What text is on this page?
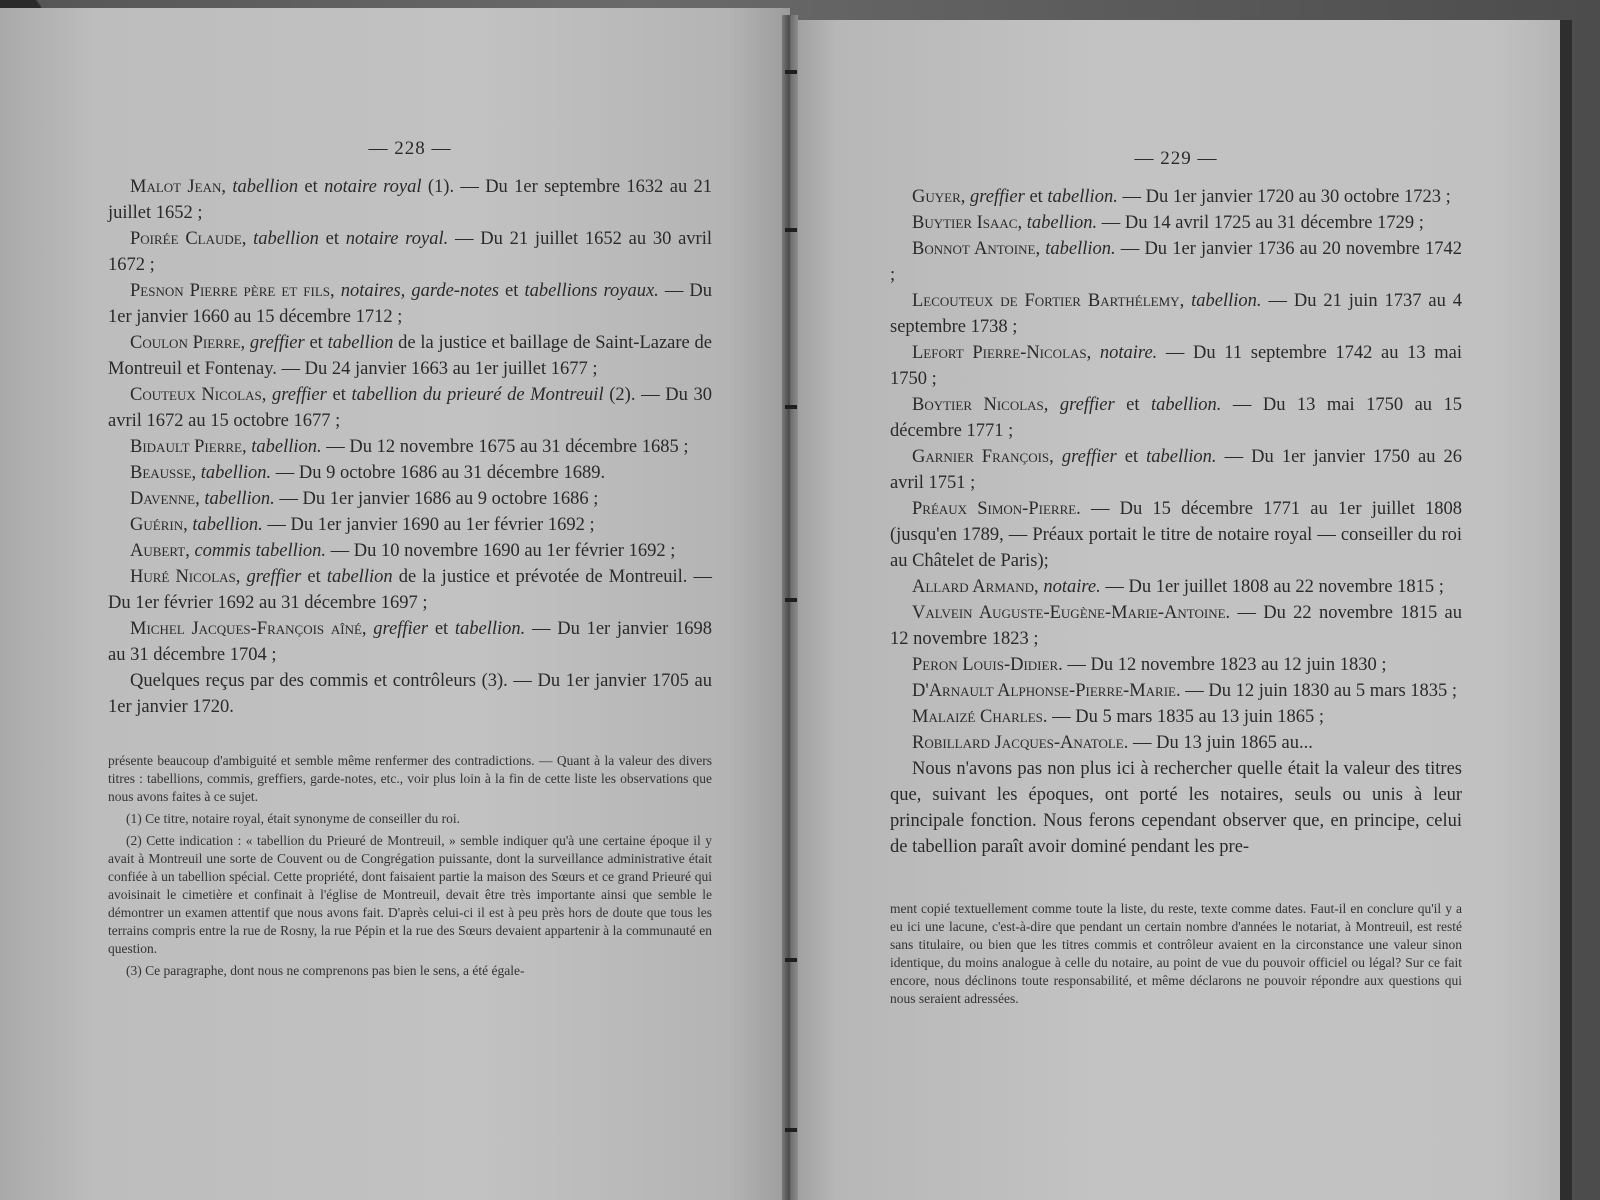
— 228 —

Malot Jean, tabellion et notaire royal (1). — Du 1er septembre 1632 au 21 juillet 1652 ;

Poirée Claude, tabellion et notaire royal. — Du 21 juillet 1652 au 30 avril 1672 ;

Pesnon Pierre père et fils, notaires, garde-notes et tabellions royaux. — Du 1er janvier 1660 au 15 décembre 1712 ;

Coulon Pierre, greffier et tabellion de la justice et baillage de Saint-Lazare de Montreuil et Fontenay. — Du 24 janvier 1663 au 1er juillet 1677 ;

Couteux Nicolas, greffier et tabellion du prieuré de Montreuil (2). — Du 30 avril 1672 au 15 octobre 1677 ;

Bidault Pierre, tabellion. — Du 12 novembre 1675 au 31 décembre 1685 ;

Beausse, tabellion. — Du 9 octobre 1686 au 31 décembre 1689.

Davenne, tabellion. — Du 1er janvier 1686 au 9 octobre 1686 ;

Guérin, tabellion. — Du 1er janvier 1690 au 1er février 1692 ;

Aubert, commis tabellion. — Du 10 novembre 1690 au 1er février 1692 ;

Huré Nicolas, greffier et tabellion de la justice et prévotée de Montreuil. — Du 1er février 1692 au 31 décembre 1697 ;

Michel Jacques-François aîné, greffier et tabellion. — Du 1er janvier 1698 au 31 décembre 1704 ;

Quelques reçus par des commis et contrôleurs (3). — Du 1er janvier 1705 au 1er janvier 1720.

présente beaucoup d'ambiguité et semble même renfermer des contradictions. — Quant à la valeur des divers titres : tabellions, commis, greffiers, garde-notes, etc., voir plus loin à la fin de cette liste les observations que nous avons faites à ce sujet.

(1) Ce titre, notaire royal, était synonyme de conseiller du roi.

(2) Cette indication : « tabellion du Prieuré de Montreuil, » semble indiquer qu'à une certaine époque il y avait à Montreuil une sorte de Couvent ou de Congrégation puissante, dont la surveillance administrative était confiée à un tabellion spécial. Cette propriété, dont faisaient partie la maison des Sœurs et ce grand Prieuré qui avoisinait le cimetière et confinait à l'église de Montreuil, devait être très importante ainsi que semble le démontrer un examen attentif que nous avons fait. D'après celui-ci il est à peu près hors de doute que tous les terrains compris entre la rue de Rosny, la rue Pépin et la rue des Sœurs devaient appartenir à la communauté en question.

(3) Ce paragraphe, dont nous ne comprenons pas bien le sens, a été égale-

— 229 —

Guyer, greffier et tabellion. — Du 1er janvier 1720 au 30 octobre 1723 ;

Buytier Isaac, tabellion. — Du 14 avril 1725 au 31 décembre 1729 ;

Bonnot Antoine, tabellion. — Du 1er janvier 1736 au 20 novembre 1742 ;

Lecouteux de Fortier Barthélemy, tabellion. — Du 21 juin 1737 au 4 septembre 1738 ;

Lefort Pierre-Nicolas, notaire. — Du 11 septembre 1742 au 13 mai 1750 ;

Boytier Nicolas, greffier et tabellion. — Du 13 mai 1750 au 15 décembre 1771 ;

Garnier François, greffier et tabellion. — Du 1er janvier 1750 au 26 avril 1751 ;

Préaux Simon-Pierre. — Du 15 décembre 1771 au 1er juillet 1808 (jusqu'en 1789, — Préaux portait le titre de notaire royal — conseiller du roi au Châtelet de Paris);

Allard Armand, notaire. — Du 1er juillet 1808 au 22 novembre 1815 ;

Valvein Auguste-Eugène-Marie-Antoine. — Du 22 novembre 1815 au 12 novembre 1823 ;

Peron Louis-Didier. — Du 12 novembre 1823 au 12 juin 1830 ;

D'Arnault Alphonse-Pierre-Marie. — Du 12 juin 1830 au 5 mars 1835 ;

Malaizé Charles. — Du 5 mars 1835 au 13 juin 1865 ;

Robillard Jacques-Anatole. — Du 13 juin 1865 au...

Nous n'avons pas non plus ici à rechercher quelle était la valeur des titres que, suivant les époques, ont porté les notaires, seuls ou unis à leur principale fonction. Nous ferons cependant observer que, en principe, celui de tabellion paraît avoir dominé pendant les pre-

ment copié textuellement comme toute la liste, du reste, texte comme dates. Faut-il en conclure qu'il y a eu ici une lacune, c'est-à-dire que pendant un certain nombre d'années le notariat, à Montreuil, est resté sans titulaire, ou bien que les titres commis et contrôleur avaient en la circonstance une valeur sinon identique, du moins analogue à celle du notaire, au point de vue du pouvoir officiel ou légal? Sur ce fait encore, nous déclinons toute responsabilité, et même déclarons ne pouvoir répondre aux questions qui nous seraient adressées.
